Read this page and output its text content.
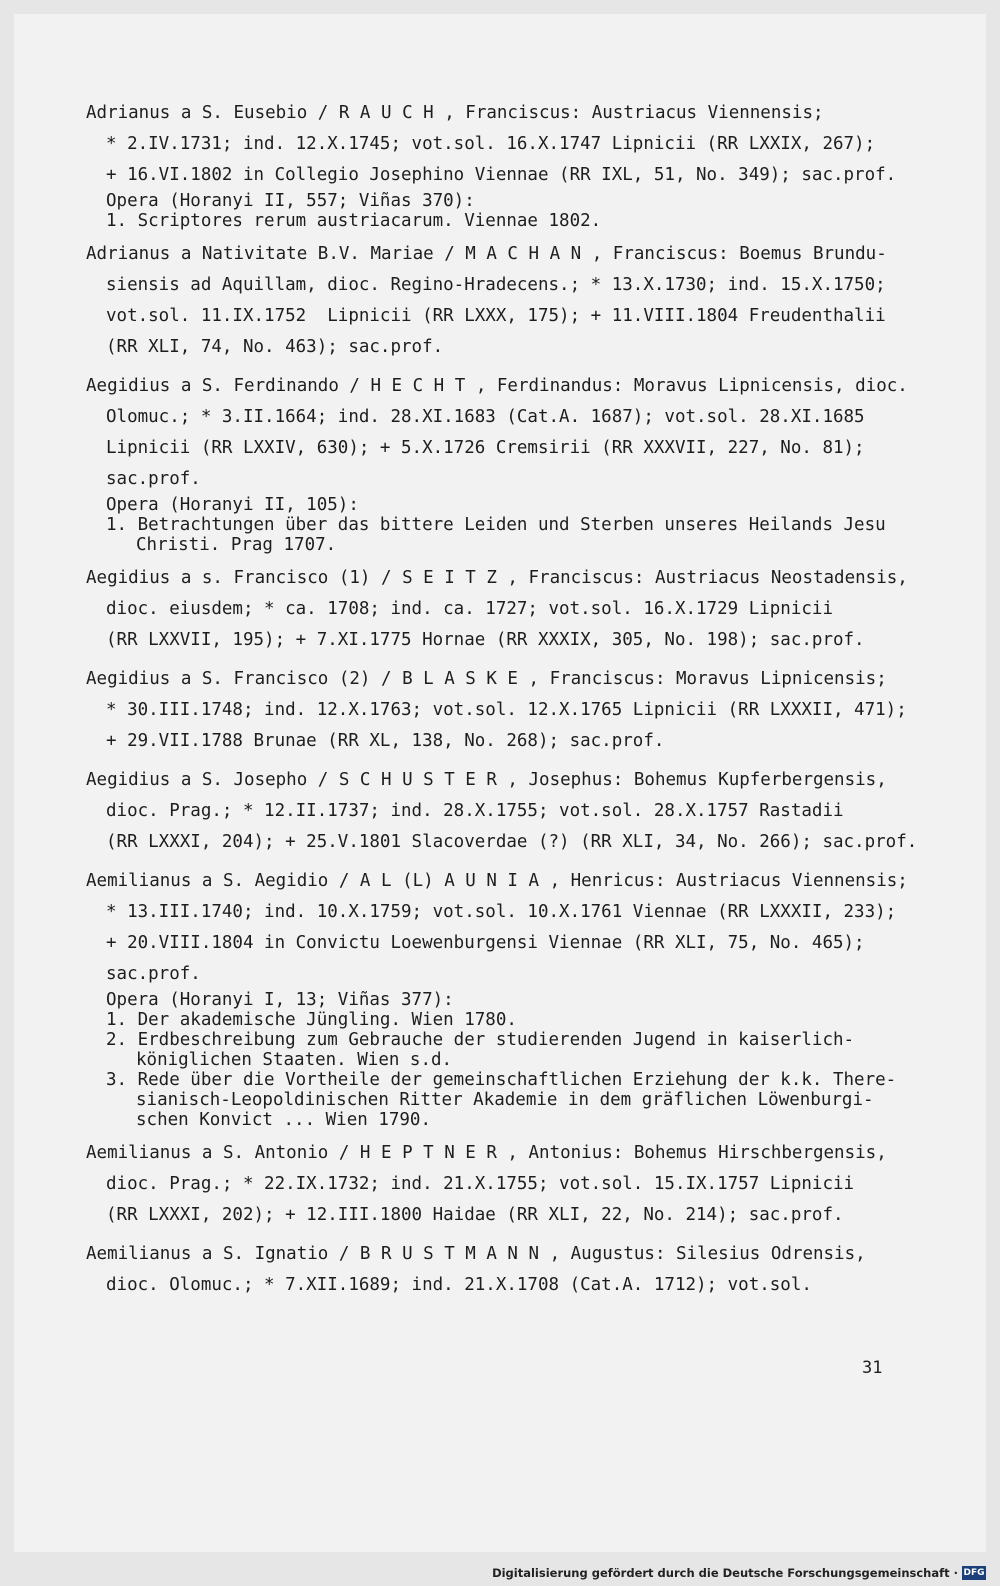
Adrianus a S. Eusebio / R A U C H , Franciscus: Austriacus Viennensis;
* 2.IV.1731; ind. 12.X.1745; vot.sol. 16.X.1747 Lipnicii (RR LXXIX, 267);
+ 16.VI.1802 in Collegio Josephino Viennae (RR IXL, 51, No. 349); sac.prof.
Opera (Horanyi II, 557; Viñas 370):
1. Scriptores rerum austriacarum. Viennae 1802.
Adrianus a Nativitate B.V. Mariae / M A C H A N , Franciscus: Boemus Brundu-
siensis ad Aquillam, dioc. Regino-Hradecens.; * 13.X.1730; ind. 15.X.1750;
vot.sol. 11.IX.1752  Lipnicii (RR LXXX, 175); + 11.VIII.1804 Freudenthalii
(RR XLI, 74, No. 463); sac.prof.
Aegidius a S. Ferdinando / H E C H T , Ferdinandus: Moravus Lipnicensis, dioc.
Olomuc.; * 3.II.1664; ind. 28.XI.1683 (Cat.A. 1687); vot.sol. 28.XI.1685
Lipnicii (RR LXXIV, 630); + 5.X.1726 Cremsirii (RR XXXVII, 227, No. 81);
sac.prof.
Opera (Horanyi II, 105):
1. Betrachtungen über das bittere Leiden und Sterben unseres Heilands Jesu
Christi. Prag 1707.
Aegidius a s. Francisco (1) / S E I T Z , Franciscus: Austriacus Neostadensis,
dioc. eiusdem; * ca. 1708; ind. ca. 1727; vot.sol. 16.X.1729 Lipnicii
(RR LXXVII, 195); + 7.XI.1775 Hornae (RR XXXIX, 305, No. 198); sac.prof.
Aegidius a S. Francisco (2) / B L A S K E , Franciscus: Moravus Lipnicensis;
* 30.III.1748; ind. 12.X.1763; vot.sol. 12.X.1765 Lipnicii (RR LXXXII, 471);
+ 29.VII.1788 Brunae (RR XL, 138, No. 268); sac.prof.
Aegidius a S. Josepho / S C H U S T E R , Josephus: Bohemus Kupferbergensis,
dioc. Prag.; * 12.II.1737; ind. 28.X.1755; vot.sol. 28.X.1757 Rastadii
(RR LXXXI, 204); + 25.V.1801 Slacoverdae (?) (RR XLI, 34, No. 266); sac.prof.
Aemilianus a S. Aegidio / A L (L) A U N I A , Henricus: Austriacus Viennensis;
* 13.III.1740; ind. 10.X.1759; vot.sol. 10.X.1761 Viennae (RR LXXXII, 233);
+ 20.VIII.1804 in Convictu Loewenburgensi Viennae (RR XLI, 75, No. 465);
sac.prof.
Opera (Horanyi I, 13; Viñas 377):
1. Der akademische Jüngling. Wien 1780.
2. Erdbeschreibung zum Gebrauche der studierenden Jugend in kaiserlich-
königlichen Staaten. Wien s.d.
3. Rede über die Vortheile der gemeinschaftlichen Erziehung der k.k. There-
sianisch-Leopoldinischen Ritter Akademie in dem gräflichen Löwenburgi-
schen Konvict ... Wien 1790.
Aemilianus a S. Antonio / H E P T N E R , Antonius: Bohemus Hirschbergensis,
dioc. Prag.; * 22.IX.1732; ind. 21.X.1755; vot.sol. 15.IX.1757 Lipnicii
(RR LXXXI, 202); + 12.III.1800 Haidae (RR XLI, 22, No. 214); sac.prof.
Aemilianus a S. Ignatio / B R U S T M A N N , Augustus: Silesius Odrensis,
dioc. Olomuc.; * 7.XII.1689; ind. 21.X.1708 (Cat.A. 1712); vot.sol.
31
Digitalisierung gefördert durch die Deutsche Forschungsgemeinschaft · DFG
